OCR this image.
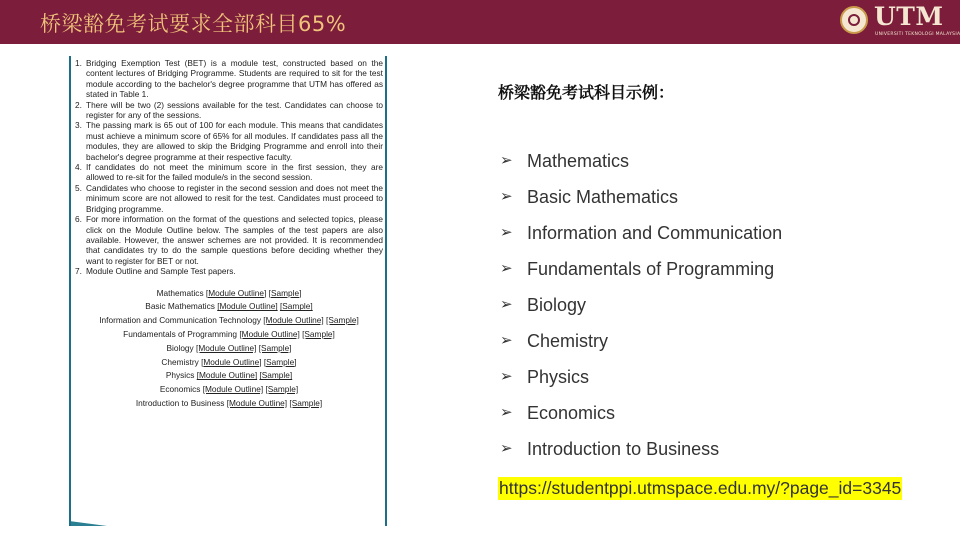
桥梁豁免考试要求全部科目65%	UTM
UNIVERSITI TEKNOLOGI MALAYSIA
1. Bridging Exemption Test (BET) is a module test, constructed based on the content lectures of Bridging Programme. Students are required to sit for the test module according to the bachelor's degree programme that UTM has offered as stated in Table 1.
2. There will be two (2) sessions available for the test. Candidates can choose to register for any of the sessions.
3. The passing mark is 65 out of 100 for each module. This means that candidates must achieve a minimum score of 65% for all modules. If candidates pass all the modules, they are allowed to skip the Bridging Programme and enroll into their bachelor's degree programme at their respective faculty.
4. If candidates do not meet the minimum score in the first session, they are allowed to re-sit for the failed module/s in the second session.
5. Candidates who choose to register in the second session and does not meet the minimum score are not allowed to resit for the test. Candidates must proceed to Bridging programme.
6. For more information on the format of the questions and selected topics, please click on the Module Outline below. The samples of the test papers are also available. However, the answer schemes are not provided. It is recommended that candidates try to do the sample questions before deciding whether they want to register for BET or not.
7. Module Outline and Sample Test papers.
Mathematics [Module Outline] [Sample]
Basic Mathematics [Module Outline] [Sample]
Information and Communication Technology [Module Outline] [Sample]
Fundamentals of Programming [Module Outline] [Sample]
Biology [Module Outline] [Sample]
Chemistry [Module Outline] [Sample]
Physics [Module Outline] [Sample]
Economics [Module Outline] [Sample]
Introduction to Business [Module Outline] [Sample]
桥梁豁免考试科目示例：
➢ Mathematics
➢ Basic Mathematics
➢ Information and Communication
➢ Fundamentals of Programming
➢ Biology
➢ Chemistry
➢ Physics
➢ Economics
➢ Introduction to Business
https://studentppi.utmspace.edu.my/?page_id=3345
